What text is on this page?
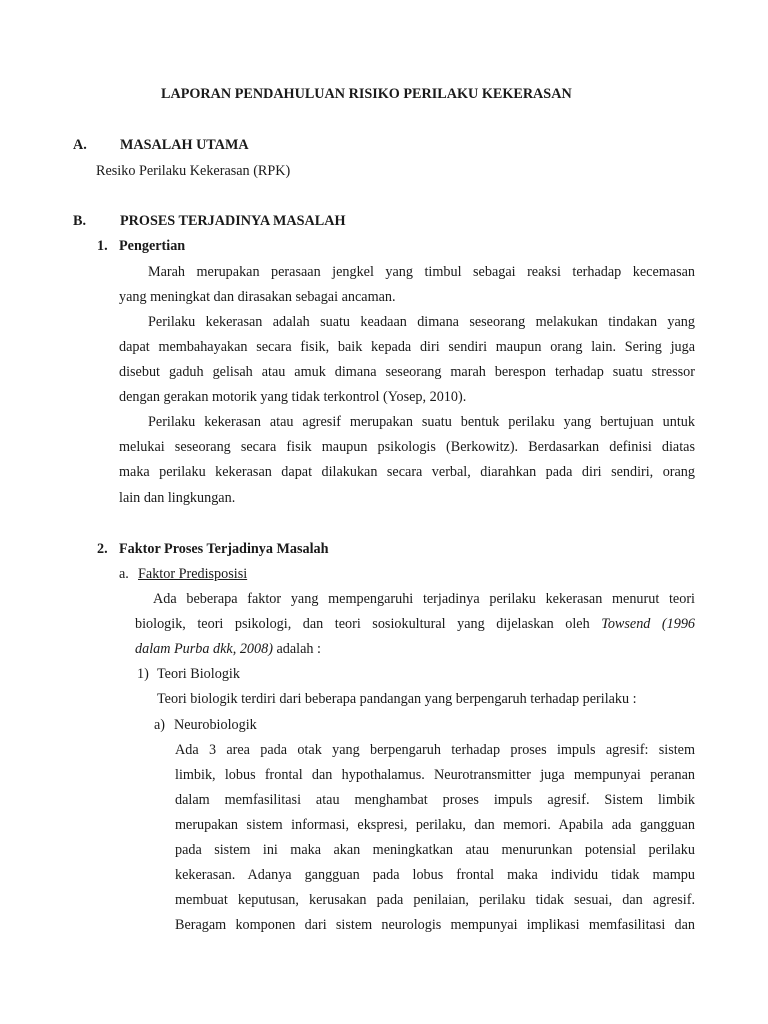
LAPORAN PENDAHULUAN RISIKO PERILAKU KEKERASAN
A. MASALAH UTAMA
Resiko Perilaku Kekerasan (RPK)
B. PROSES TERJADINYA MASALAH
1. Pengertian
Marah merupakan perasaan jengkel yang timbul sebagai reaksi terhadap kecemasan
yang meningkat dan dirasakan sebagai ancaman.
Perilaku kekerasan adalah suatu keadaan dimana seseorang melakukan tindakan yang
dapat membahayakan secara fisik, baik kepada diri sendiri maupun orang lain. Sering juga
disebut gaduh gelisah atau amuk dimana seseorang marah berespon terhadap suatu stressor
dengan gerakan motorik yang tidak terkontrol (Yosep, 2010).
Perilaku kekerasan atau agresif merupakan suatu bentuk perilaku yang bertujuan untuk
melukai seseorang secara fisik maupun psikologis (Berkowitz). Berdasarkan definisi diatas
maka perilaku kekerasan dapat dilakukan secara verbal, diarahkan pada diri sendiri, orang
lain dan lingkungan.
2. Faktor Proses Terjadinya Masalah
a. Faktor Predisposisi
Ada beberapa faktor yang mempengaruhi terjadinya perilaku kekerasan menurut teori
biologik, teori psikologi, dan teori sosiokultural yang dijelaskan oleh Towsend (1996
dalam Purba dkk, 2008) adalah :
1) Teori Biologik
Teori biologik terdiri dari beberapa pandangan yang berpengaruh terhadap perilaku :
a) Neurobiologik
Ada 3 area pada otak yang berpengaruh terhadap proses impuls agresif: sistem
limbik, lobus frontal dan hypothalamus. Neurotransmitter juga mempunyai peranan
dalam memfasilitasi atau menghambat proses impuls agresif. Sistem limbik
merupakan sistem informasi, ekspresi, perilaku, dan memori. Apabila ada gangguan
pada sistem ini maka akan meningkatkan atau menurunkan potensial perilaku
kekerasan. Adanya gangguan pada lobus frontal maka individu tidak mampu
membuat keputusan, kerusakan pada penilaian, perilaku tidak sesuai, dan agresif.
Beragam komponen dari sistem neurologis mempunyai implikasi memfasilitasi dan
